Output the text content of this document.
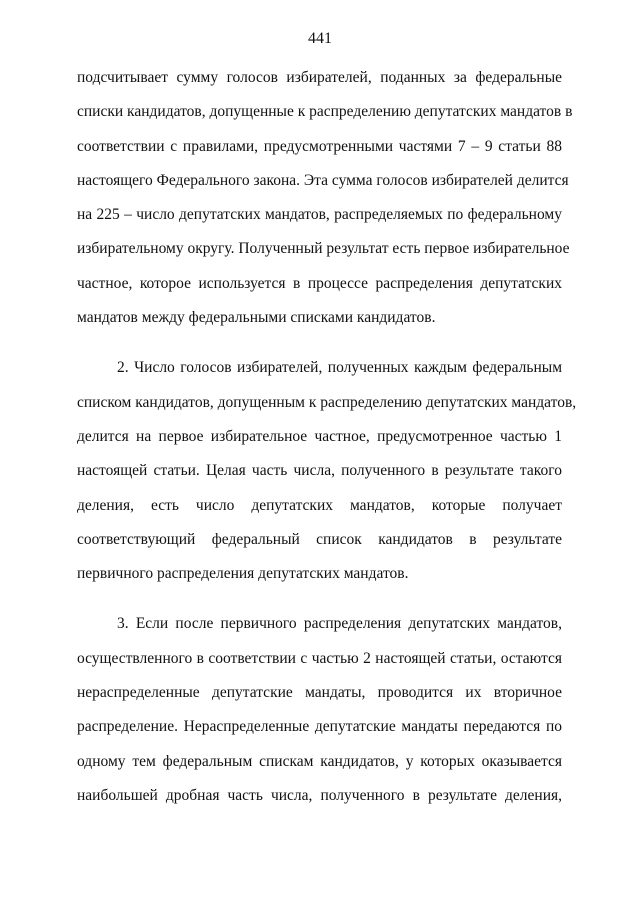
441

подсчитывает сумму голосов избирателей, поданных за федеральные

списки кандидатов, допущенные к распределению депутатских мандатов в

соответствии с правилами, предусмотренными частями 7 – 9 статьи 88

настоящего Федерального закона. Эта сумма голосов избирателей делится

на 225 – число депутатских мандатов, распределяемых по федеральному

избирательному округу. Полученный результат есть первое избирательное

частное, которое используется в процессе распределения депутатских

мандатов между федеральными списками кандидатов.

2. Число голосов избирателей, полученных каждым федеральным

списком кандидатов, допущенным к распределению депутатских мандатов,

делится на первое избирательное частное, предусмотренное частью 1

настоящей статьи. Целая часть числа, полученного в результате такого

деления, есть число депутатских мандатов, которые получает

соответствующий федеральный список кандидатов в результате

первичного распределения депутатских мандатов.

3. Если после первичного распределения депутатских мандатов,

осуществленного в соответствии с частью 2 настоящей статьи, остаются

нераспределенные депутатские мандаты, проводится их вторичное

распределение. Нераспределенные депутатские мандаты передаются по

одному тем федеральным спискам кандидатов, у которых оказывается

наибольшей дробная часть числа, полученного в результате деления,
